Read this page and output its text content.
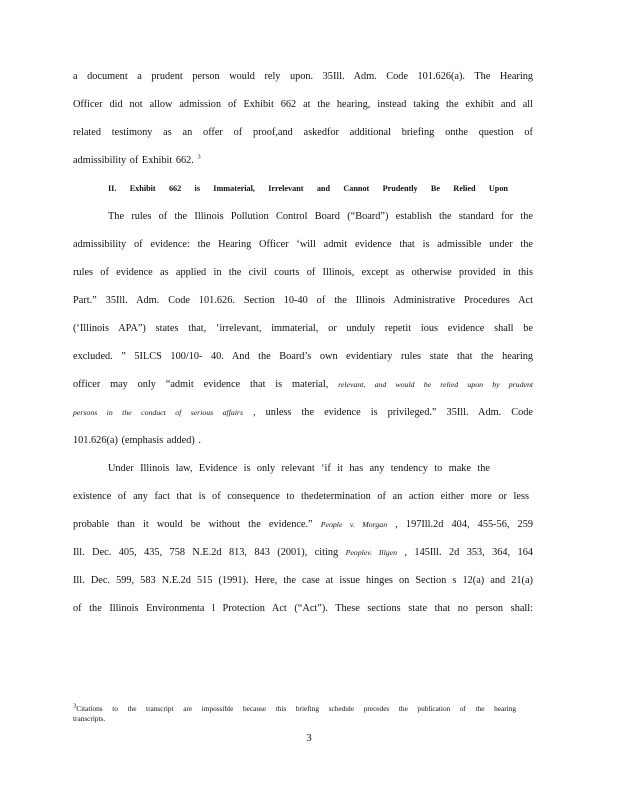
a document a prudent person would rely upon. 35Ill. Adm. Code 101.626(a). The Hearing
Officer did not allow admission of Exhibit 662 at the hearing, instead taking the exhibit and all
related testimony as an offer of proof,and askedfor additional briefing onthe question of
admissibility of Exhibit 662. $^3$
II. Exhibit 662 is Immaterial, Irrelevant and Cannot Prudently Be Relied Upon
The rules of the Illinois Pollution Control Board (“Board”) establish the standard for the
admissibility of evidence: the Hearing Officer ‘will admit evidence that is admissible under the
rules of evidence as applied in the civil courts of Illinois, except as otherwise provided in this
Part.” 35Ill. Adm. Code 101.626. Section 10-40 of the Illinois Administrative Procedures Act
(‘Illinois APA”) states that, ‘irrelevant, immaterial, or unduly repetit ious evidence shall be
excluded. ” 5ILCS 100/10- 40. And the Board’s own evidentiary rules state that the hearing
officer may only “admit evidence that is material, relevant, and would be relied upon by prudent
persons in the conduct of serious affairs , unless the evidence is privileged.” 35Ill. Adm. Code
101.626(a) (emphasis added) .
Under Illinois law, Evidence is only relevant ‘if it has any tendency to make the
existence of any fact that is of consequence to thedetermination of an action either more or less
probable than it would be without the evidence.” People v. Morgan , 197Ill.2d 404, 455-56, 259
Ill. Dec. 405, 435, 758 N.E.2d 813, 843 (2001), citing Peoplev. Illgen , 145Ill. 2d 353, 364, 164
Ill. Dec. 599, 583 N.E.2d 515 (1991). Here, the case at issue hinges on Section s 12(a) and 21(a)
of the Illinois Environmenta l Protection Act (“Act”). These sections state that no person shall:
$^3$Citations to the transcript are impossible because this briefing schedule precedes the publication of the hearing
transcripts.
3
